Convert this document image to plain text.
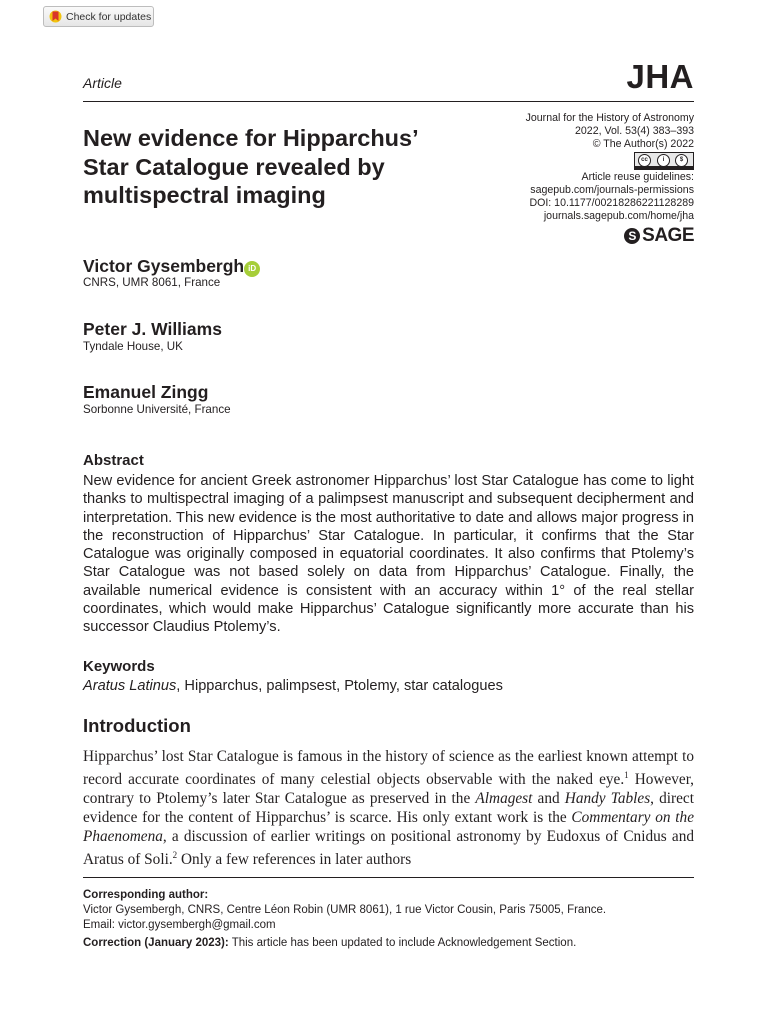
Check for updates
Article	JHA
New evidence for Hipparchus’
Star Catalogue revealed by
multispectral imaging
Journal for the History of Astronomy
2022, Vol. 53(4) 383–393
© The Author(s) 2022
cc	i	$
Article reuse guidelines:
sagepub.com/journals-permissions
DOI: 10.1177/00218286221128289
journals.sagepub.com/home/jha
S SAGE
Victor Gysembergh iD
CNRS, UMR 8061, France
Peter J. Williams
Tyndale House, UK
Emanuel Zingg
Sorbonne Université, France
Abstract
New evidence for ancient Greek astronomer Hipparchus’ lost Star Catalogue has come to light thanks to multispectral imaging of a palimpsest manuscript and subsequent decipherment and interpretation. This new evidence is the most authoritative to date and allows major progress in the reconstruction of Hipparchus’ Star Catalogue. In particular, it confirms that the Star Catalogue was originally composed in equatorial coordinates. It also confirms that Ptolemy’s Star Catalogue was not based solely on data from Hipparchus’ Catalogue. Finally, the available numerical evidence is consistent with an accuracy within 1° of the real stellar coordinates, which would make Hipparchus’ Catalogue significantly more accurate than his successor Claudius Ptolemy’s.
Keywords
Aratus Latinus, Hipparchus, palimpsest, Ptolemy, star catalogues
Introduction
Hipparchus’ lost Star Catalogue is famous in the history of science as the earliest known attempt to record accurate coordinates of many celestial objects observable with the naked eye.$^1$ However, contrary to Ptolemy’s later Star Catalogue as preserved in the Almagest and Handy Tables, direct evidence for the content of Hipparchus’ is scarce. His only extant work is the Commentary on the Phaenomena, a discussion of earlier writings on positional astronomy by Eudoxus of Cnidus and Aratus of Soli.$^2$ Only a few references in later authors
Corresponding author:
Victor Gysembergh, CNRS, Centre Léon Robin (UMR 8061), 1 rue Victor Cousin, Paris 75005, France.
Email: victor.gysembergh@gmail.com
Correction (January 2023): This article has been updated to include Acknowledgement Section.
